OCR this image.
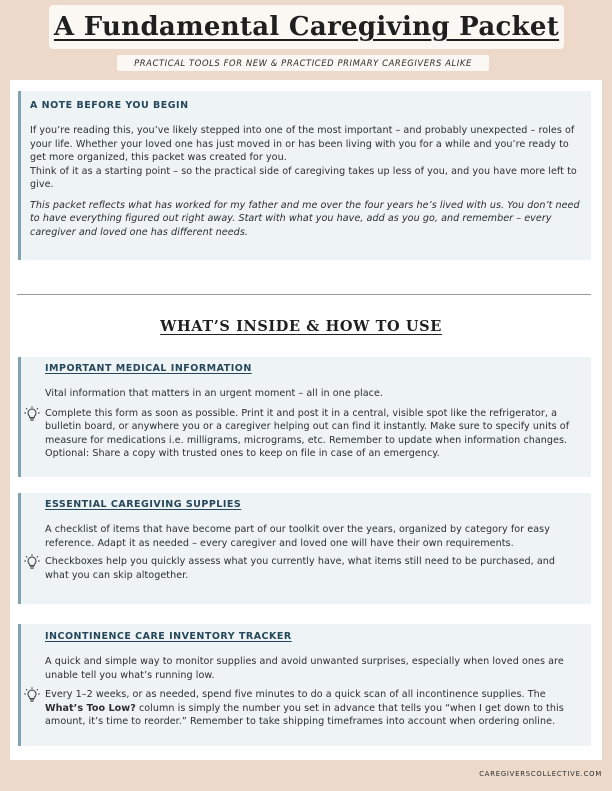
A Fundamental Caregiving Packet
PRACTICAL TOOLS FOR NEW & PRACTICED PRIMARY CAREGIVERS ALIKE
A NOTE BEFORE YOU BEGIN
If you’re reading this, you’ve likely stepped into one of the most important – and probably unexpected – roles of your life. Whether your loved one has just moved in or has been living with you for a while and you’re ready to get more organized, this packet was created for you.
Think of it as a starting point – so the practical side of caregiving takes up less of you, and you have more left to give.
This packet reflects what has worked for my father and me over the four years he’s lived with us. You don’t need to have everything figured out right away. Start with what you have, add as you go, and remember – every caregiver and loved one has different needs.
WHAT’S INSIDE & HOW TO USE
IMPORTANT MEDICAL INFORMATION
Vital information that matters in an urgent moment – all in one place.
Complete this form as soon as possible. Print it and post it in a central, visible spot like the refrigerator, a bulletin board, or anywhere you or a caregiver helping out can find it instantly. Make sure to specify units of measure for medications i.e. milligrams, micrograms, etc. Remember to update when information changes. Optional: Share a copy with trusted ones to keep on file in case of an emergency.
ESSENTIAL CAREGIVING SUPPLIES
A checklist of items that have become part of our toolkit over the years, organized by category for easy reference. Adapt it as needed – every caregiver and loved one will have their own requirements.
Checkboxes help you quickly assess what you currently have, what items still need to be purchased, and what you can skip altogether.
INCONTINENCE CARE INVENTORY TRACKER
A quick and simple way to monitor supplies and avoid unwanted surprises, especially when loved ones are unable tell you what’s running low.
Every 1–2 weeks, or as needed, spend five minutes to do a quick scan of all incontinence supplies. The What’s Too Low? column is simply the number you set in advance that tells you “when I get down to this amount, it’s time to reorder.” Remember to take shipping timeframes into account when ordering online.
CAREGIVERSCOLLECTIVE.COM
